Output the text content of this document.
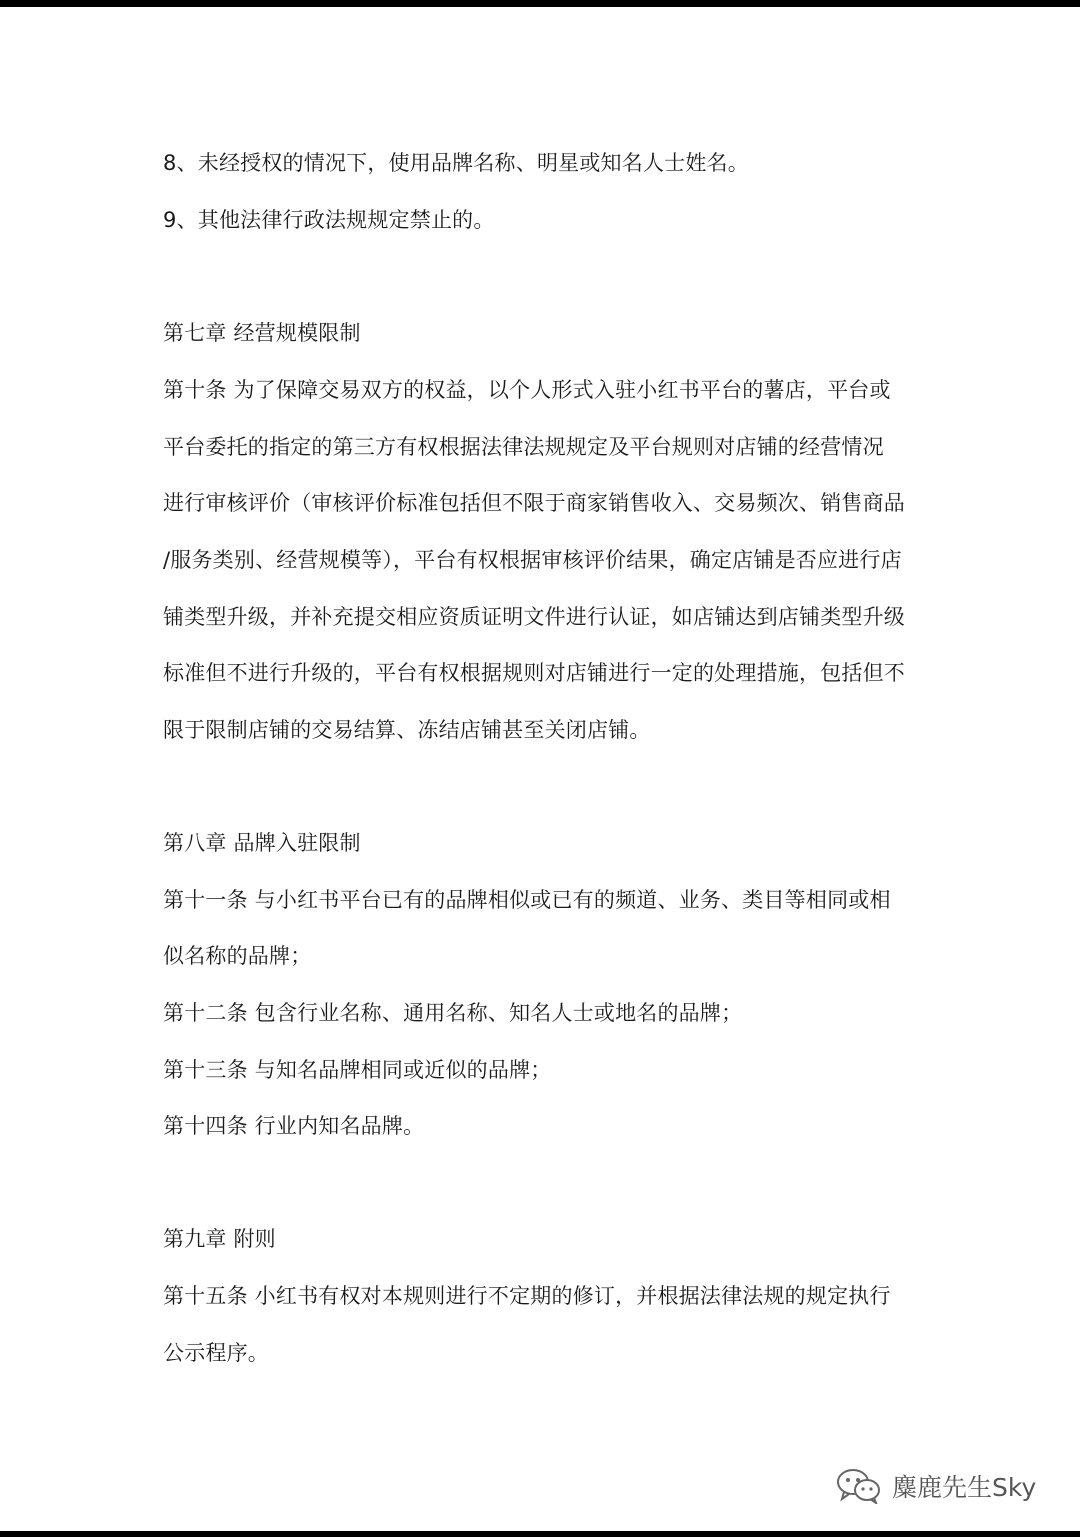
8、未经授权的情况下，使用品牌名称、明星或知名人士姓名。
9、其他法律行政法规规定禁止的。
第七章 经营规模限制
第十条 为了保障交易双方的权益，以个人形式入驻小红书平台的薯店，平台或
平台委托的指定的第三方有权根据法律法规规定及平台规则对店铺的经营情况
进行审核评价（审核评价标准包括但不限于商家销售收入、交易频次、销售商品
/服务类别、经营规模等），平台有权根据审核评价结果，确定店铺是否应进行店
铺类型升级，并补充提交相应资质证明文件进行认证，如店铺达到店铺类型升级
标准但不进行升级的，平台有权根据规则对店铺进行一定的处理措施，包括但不
限于限制店铺的交易结算、冻结店铺甚至关闭店铺。
第八章 品牌入驻限制
第十一条 与小红书平台已有的品牌相似或已有的频道、业务、类目等相同或相
似名称的品牌；
第十二条 包含行业名称、通用名称、知名人士或地名的品牌；
第十三条 与知名品牌相同或近似的品牌；
第十四条 行业内知名品牌。
第九章 附则
第十五条 小红书有权对本规则进行不定期的修订，并根据法律法规的规定执行
公示程序。
麋鹿先生Sky
